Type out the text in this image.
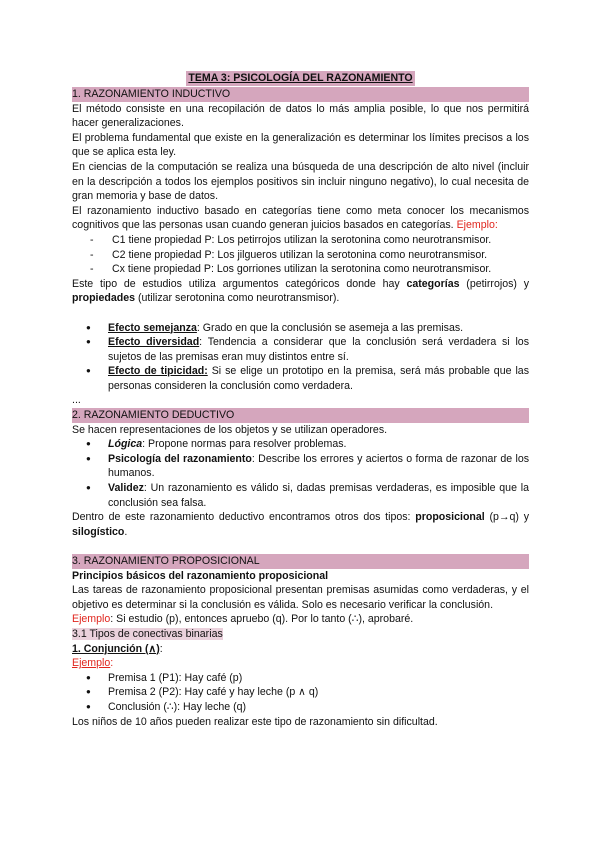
TEMA 3: PSICOLOGÍA DEL RAZONAMIENTO
1. RAZONAMIENTO INDUCTIVO

El método consiste en una recopilación de datos lo más amplia posible, lo que nos permitirá hacer generalizaciones.

El problema fundamental que existe en la generalización es determinar los límites precisos a los que se aplica esta ley.

En ciencias de la computación se realiza una búsqueda de una descripción de alto nivel (incluir en la descripción a todos los ejemplos positivos sin incluir ninguno negativo), lo cual necesita de gran memoria y base de datos.

El razonamiento inductivo basado en categorías tiene como meta conocer los mecanismos cognitivos que las personas usan cuando generan juicios basados en categorías. Ejemplo:

- C1 tiene propiedad P: Los petirrojos utilizan la serotonina como neurotransmisor.
- C2 tiene propiedad P: Los jilgueros utilizan la serotonina como neurotransmisor.
- Cx tiene propiedad P: Los gorriones utilizan la serotonina como neurotransmisor.

Este tipo de estudios utiliza argumentos categóricos donde hay categorías (petirrojos) y propiedades (utilizar serotonina como neurotransmisor).

● Efecto semejanza: Grado en que la conclusión se asemeja a las premisas.
● Efecto diversidad: Tendencia a considerar que la conclusión será verdadera si los sujetos de las premisas eran muy distintos entre sí.
● Efecto de tipicidad: Si se elige un prototipo en la premisa, será más probable que las personas consideren la conclusión como verdadera.
...
2. RAZONAMIENTO DEDUCTIVO

Se hacen representaciones de los objetos y se utilizan operadores.

● Lógica: Propone normas para resolver problemas.
● Psicología del razonamiento: Describe los errores y aciertos o forma de razonar de los humanos.
● Validez: Un razonamiento es válido si, dadas premisas verdaderas, es imposible que la conclusión sea falsa.

Dentro de este razonamiento deductivo encontramos otros dos tipos: proposicional (p→q) y silogístico.

3. RAZONAMIENTO PROPOSICIONAL
Principios básicos del razonamiento proposicional

Las tareas de razonamiento proposicional presentan premisas asumidas como verdaderas, y el objetivo es determinar si la conclusión es válida. Solo es necesario verificar la conclusión.

Ejemplo: Si estudio (p), entonces apruebo (q). Por lo tanto (∴), aprobaré.

3.1 Tipos de conectivas binarias
1. Conjunción (∧):
Ejemplo:
● Premisa 1 (P1): Hay café (p)
● Premisa 2 (P2): Hay café y hay leche (p ∧ q)
● Conclusión (∴): Hay leche (q)

Los niños de 10 años pueden realizar este tipo de razonamiento sin dificultad.
